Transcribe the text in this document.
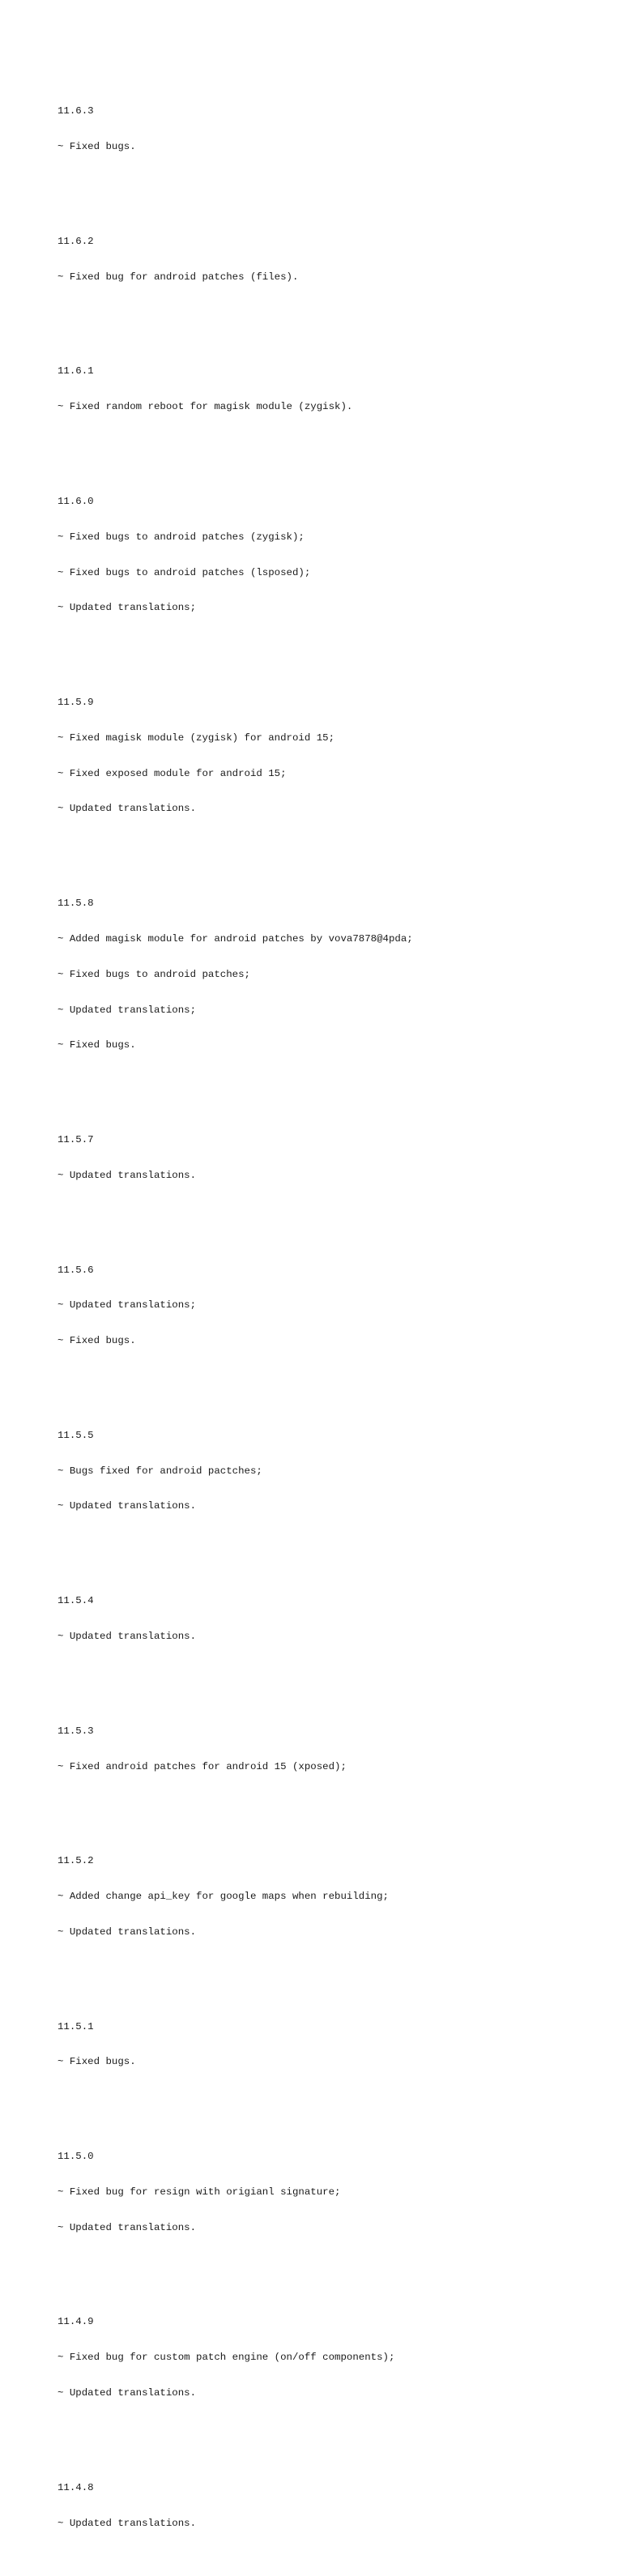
11.6.3

~ Fixed bugs.

11.6.2

~ Fixed bug for android patches (files).

11.6.1

~ Fixed random reboot for magisk module (zygisk).

11.6.0

~ Fixed bugs to android patches (zygisk);

~ Fixed bugs to android patches (lsposed);

~ Updated translations;

11.5.9

~ Fixed magisk module (zygisk) for android 15;

~ Fixed exposed module for android 15;

~ Updated translations.

11.5.8

~ Added magisk module for android patches by vova7878@4pda;

~ Fixed bugs to android patches;

~ Updated translations;

~ Fixed bugs.

11.5.7

~ Updated translations.

11.5.6

~ Updated translations;

~ Fixed bugs.

11.5.5

~ Bugs fixed for android pactches;

~ Updated translations.

11.5.4

~ Updated translations.

11.5.3

~ Fixed android patches for android 15 (xposed);

11.5.2

~ Added change api_key for google maps when rebuilding;

~ Updated translations.

11.5.1

~ Fixed bugs.

11.5.0

~ Fixed bug for resign with origianl signature;

~ Updated translations.

11.4.9

~ Fixed bug for custom patch engine (on/off components);

~ Updated translations.

11.4.8

~ Updated translations.
